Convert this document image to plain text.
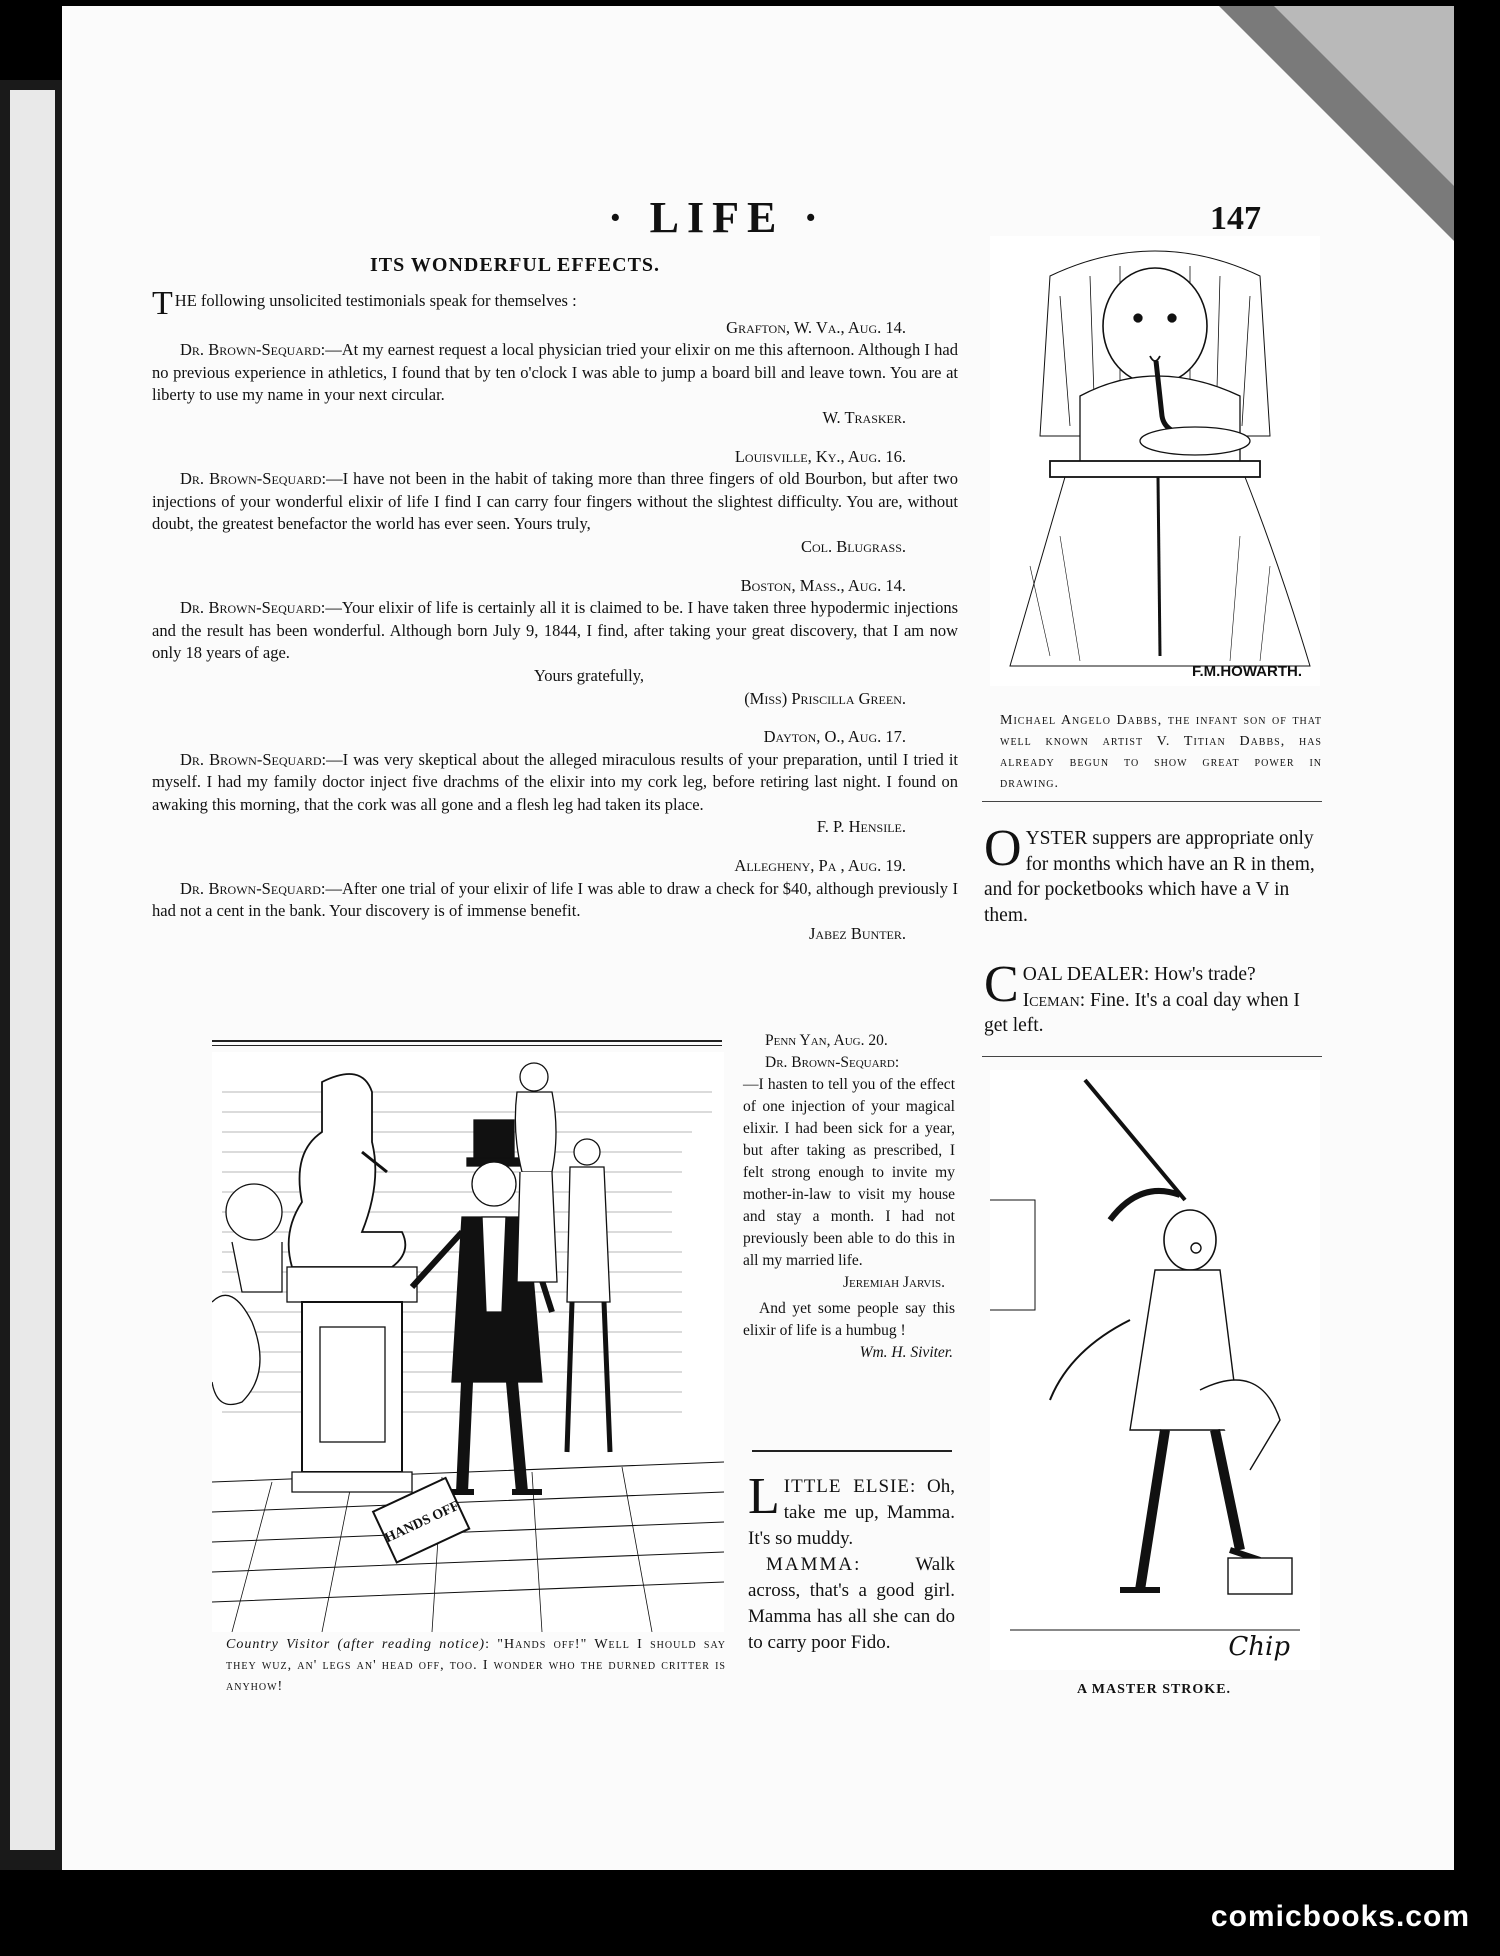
· LIFE ·	147
ITS WONDERFUL EFFECTS.

THE following unsolicited testimonials speak for themselves :

Grafton, W. Va., Aug. 14.

Dr. Brown-Sequard:—At my earnest request a local physician tried your elixir on me this afternoon. Although I had no previous experience in athletics, I found that by ten o'clock I was able to jump a board bill and leave town. You are at liberty to use my name in your next circular.

W. Trasker.

Louisville, Ky., Aug. 16.

Dr. Brown-Sequard:—I have not been in the habit of taking more than three fingers of old Bourbon, but after two injections of your wonderful elixir of life I find I can carry four fingers without the slightest difficulty. You are, without doubt, the greatest benefactor the world has ever seen. Yours truly,

Col. Blugrass.

Boston, Mass., Aug. 14.

Dr. Brown-Sequard:—Your elixir of life is certainly all it is claimed to be. I have taken three hypodermic injections and the result has been wonderful. Although born July 9, 1844, I find, after taking your great discovery, that I am now only 18 years of age.

Yours gratefully,

(Miss) Priscilla Green.

Dayton, O., Aug. 17.

Dr. Brown-Sequard:—I was very skeptical about the alleged miraculous results of your preparation, until I tried it myself. I had my family doctor inject five drachms of the elixir into my cork leg, before retiring last night. I found on awaking this morning, that the cork was all gone and a flesh leg had taken its place.

F. P. Hensile.

Allegheny, Pa , Aug. 19.

Dr. Brown-Sequard:—After one trial of your elixir of life I was able to draw a check for $40, although previously I had not a cent in the bank. Your discovery is of immense benefit.

Jabez Bunter.

HANDS OFF
Country Visitor (after reading notice): "Hands off!" Well I should say they wuz, an' legs an' head off, too. I wonder who the durned critter is anyhow!

Penn Yan, Aug. 20.

Dr. Brown-Sequard:

—I hasten to tell you of the effect of one injection of your magical elixir. I had been sick for a year, but after taking as prescribed, I felt strong enough to invite my mother-in-law to visit my house and stay a month. I had not previously been able to do this in all my married life.

Jeremiah Jarvis.

And yet some people say this elixir of life is a humbug !

Wm. H. Siviter.

LITTLE ELSIE: Oh, take me up, Mamma. It's so muddy.
MAMMA:	Walk across, that's a good girl. Mamma has all she can do to carry poor Fido.
F.M.HOWARTH.
Michael Angelo Dabbs, the infant son of that well known artist V. Titian Dabbs, has already begun to show great power in drawing.
OYSTER suppers are appropriate only for months which have an R in them, and for pocketbooks which have a V in them.
COAL DEALER: How's trade?
Iceman: Fine. It's a coal day when I get left.
Chip
A MASTER STROKE.
comicbooks.com
